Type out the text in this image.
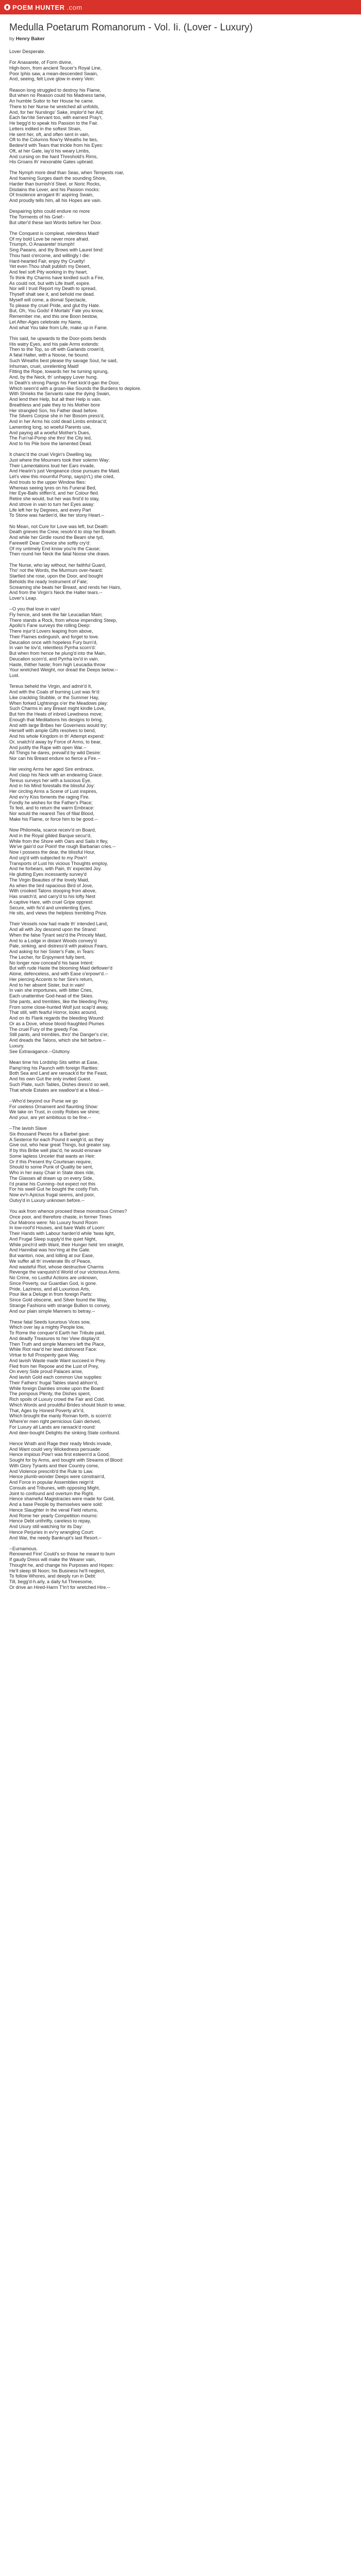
POEM HUNTER .com
Medulla Poetarum Romanorum - Vol. Ii. (Lover - Luxury)

by Henry Baker

Lover Desperate.
For Anaxarete, of Form divine,
High-born, from ancient Teucer's Royal Line,
Poor Iphis saw, a mean-descended Swain,
And, seeing, felt Love glow in every Vein:
Reason long struggled to destroy his Flame,
But when no Reason could his Madness tame,
An humble Suitor to her House he came.
There to her Nurse he wretched all unfolds,
And, for her Nurslings' Sake, implor'd her Aid;
Each fav'rite Servant too, with earnest Pray'r,
He begg'd to speak his Passion to the Fair.
Letters indited in the softest Strain,
He sent her, oft, and often sent in vain,
Oft to the Columns flow'ry Wreaths he ties,
Bedew'd with Tears that trickle from his Eyes:
Oft, at her Gate, lay'd his weary Limbs,
And cursing on the hard Threshold's Rims,
His Groans th' inexorable Gates upbraid.
The Nymph more deaf than Seas, when Tempests roar,
And foaming Surges dash the sounding Shore,
Harder than burnish'd Steel, or Noric Rocks,
Disdains the Lover, and his Passion mocks:
Of Insolence arrogant th' aspiring Swain,
And proudly tells him, all his Hopes are vain.
Despairing Iphis could endure no more
The Torments of his Grief:-
But utter'd these last Words before her Door.
The Conquest is compleat, relentless Maid!
Of my bold Love be never more afraid.
Triumph, O Anaxarete! triumph!
Sing Paeans, and thy Brows with Laurel bind:
Thou hast o'ercome, and willingly I die:
Hard-hearted Fair, enjoy thy Cruelty!
Yet even Thou shalt publish my Desert,
And feel soft Pity working in thy heart.
To think thy Charms have kindled such a Fire,
As could not, but with Life itself, expire.
Nor will I trust Report my Death to spread,
Thyself shalt see it, and behold me dead.
Myself will come, a dismal Spectacle,
To please thy cruel Pride, and glut thy Hate.
But, Oh, You Gods! if Mortals' Fate you know,
Remember me, and this one Boon bestow,
Let After-Ages celebrate my Name,
And what You take from Life, make up in Fame.
This said, he upwards to the Door-posts bends
His watry Eyes, and his pale Arms extends:
Then to the Top, so oft with Garlands crown'd,
A fatal Halter, with a Noose, he bound.
Such Wreaths best please thy savage Soul, he said,
Inhuman, cruel, unrelenting Maid!
Fitting the Rope, towards her he turning sprung,
And, by the Neck, th' unhappy Lover hung.
In Death's strong Pangs his Feet kick'd-gan the Door,
Which seem'd with a groan-like Sounds the Burdens to deplore.
With Shrieks the Servants raise the dying Swain,
And lend their Help, but all their Help is vain.
Breathless and pale they to his Mother bore
Her strangled Son, his Father dead before.
The Silvers Corpse she in her Bosom press'd,
And in her Arms his cold dead Limbs embrac'd;
Lamenting long, so woeful Parents use,
And paying all a woeful Mother's Dues,
The Fun'ral-Pomp she thro' the City led,
And to his Pile bore the lamented Dead.
It chanc'd the cruel Virgin's Dwelling lay,
Just where the Mourners took their solemn Way:
Their Lamentations loud her Ears invade,
And Hearin's just Vengeance close pursues the Maid.
Let's view this mournful Pomp, says(n't,) she cried,
And trouts to the upper Window flies:
Whereas seeing lyres on his Funeral Bed,
Her Eye-Balls stiffen'd, and her Colour fled.
Retire she would, but her was first'd to stay,
And strove in vain to turn her Eyes away:
Life left her by Degrees, and every Part
To Stone was harden'd, like her stony Heart.--
No Mean, not Cure for Love was left, but Death:
Death grieves the Crew, resolv'd to stop her Breath.
And while her Girdle round the Beam she tyd,
Farewell! Dear Crevice she softly cry'd:
Of my untimely End know you're the Cause;
Then round her Neck the fatal Noose she draws.
The Nurse, who lay without, her faithful Guard,
Tho' not the Words, the Murmurs over-heard:
Startled she rose, upon the Door, and bought
Beholds the ready Instrument of Fate;
Screaming she beats her Breast, and rends her Hairs,
And from the Virgin's Neck the Halter tears.--
Lover's Leap.
--O you that love in vain!
Fly hence, and seek the fair Leucadian Main;
There stands a Rock, from whose impending Steep,
Apollo's Fane surveys the rolling Deep:
There injur'd Lovers leaping from above,
Their Flames extinguish, and forget to love.
Deucalion once with hopeless Fury burn'd,
In vain he lov'd, relentless Pyrrha scorn'd:
But when from hence he plung'd into the Main,
Deucalion scorn'd, and Pyrrha lov'd in vain.
Haste, thither haste; from high Leucadia throw
Your wretched Weight, nor dread the Deeps below.--
Lust.
Tereus beheld the Virgin, and admir'd It,
And with the Coals of burning Lust was fir'd:
Like crackling Stubble, or the Summer Hay,
When forked Lightnings o'er the Meadows play:
Such Charms in any Breast might kindle Love,
But him the Heats of inbred Lewdness move;
Enough that Meditations his designs to bring,
And with large Bribes her Governess would try;
Herself with ample Gifts resolves to bend,
And his whole Kingdom in th' Attempt expend:
Or, snatch'd away by Force of Arms, to bear,
And justify the Rape with open War.--
All Things he dares, prevail'd by wild Desire:
Nor can his Breast endure so fierce a Fire.--
Her vexing Arms her aged Sire embrace,
And clasp his Neck with an endearing Grace.
Tereus surveys her with a luscious Eye,
And in his Mind forestalls the blissful Joy:
Her circling Arms a Scene of Lust inspires,
And ev'ry Kiss foments the raging Fire.
Fondly he wishes for the Father's Place;
To feel, and to return the warm Embrace:
Nor would the nearest Ties of filial Blood,
Make his Flame, or force him to be good.--
Now Philomela, scarce receiv'd on Board,
And in the Royal gilded Barque secur'd,
While from the Shore with Oars and Sails it fley,
We've gain'd our Point! the rough Barbarian cries.--
Now I possess the dear, the blissful Hour,
And urg'd with subjected to my Pow'r!
Transports of Lust his vicious Thoughts employ,
And he forbears, with Pain, th' expected Joy.
He glutting Eyes incessantly survey'd
The Virgin Beauties of the lovely Maid,
As when the bird rapacious Bird of Jove,
With crooked Talons stooping from above,
Has snatch'd, and carry'd to his lofty Nest
A captive Hare, with cruel Gripe opprest:
Secure, with fix'd and unrelenting Eyes,
He sits, and views the helpless trembling Prize.
Their Vessels now had made th' intended Land,
And all with Joy descend upon the Strand:
When the false Tyrant seiz'd the Princely Maid,
And to a Lodge in distant Woods convey'd
Pale, sinking, and distress'd with jealous Fears,
And asking for her Sister's Fate, in Tears:
The Lecher, for Enjoyment fully bent,
No longer now conceal'd his base Intent:
But with rude Haste the blooming Maid deflower'd
Alone, defenceless, and with Ease o'erpowr'd.--
Her piercing Accents to her Sire's return,
And to her absent Sister, but in vain!
In vain she importunes, with bitter Cries,
Each unattentive God-head of the Skies.
She pants, and trembles, like the bleeding Prey,
From some close-hunted Wolf just scap'd away,
That still, with fearful Horror, looks around,
And on its Flank regards the bleeding Wound:
Or as a Dove, whose blood-fraughted Plumes
The cruel Fury of the greedy Foe.
Still pants, and trembles, thro' the Danger's o'er,
And dreads the Talons, which she felt before.--
Luxury.
See Extravagance.--Gluttony.
Mean time his Lordship Sits within at Ease,
Pamp'ring his Paunch with foreign Rarities:
Both Sea and Land are ransack'd for the Feast,
And his own Gut the only invited Guest.
Such Plate, such Tables, Dishes dress'd so well,
That whole Estates are swallow'd at a Meal.--
--Who'd beyond our Purse we go
For useless Ornament and flaunting Show:
We take on Trust, in costly Robes we shine;
And your, are yet ambitious to be fine.--
--The lavish Slave
Six thousand Pieces for a Barbel gave:
A Sesterce for each Pound it weigh'd, as they
Give out, who hear great Things, but greater say.
If by this Bribe well plac'd, he would ensnare
Some lapless Unceler that wants an Heir:
Or if this Present thy Courtesan require,
Should to some Punk of Quality be sent,
Who in her easy Chair in State does ride,
The Glasses all drawn up on every Side,
I'd praise his Cunning--but expect not this
For his swell Gut he bought the costly Fish.
Now ev'n Apicius frugal seems, and poor,
Outvy'd in Luxury unknown before.--
You ask from whence proceed these monstrous Crimes?
Once poor, and therefore chaste, in former Times
Our Matrons were: No Luxury found Room
In low-roof'd Houses, and bare Walls of Loom:
Their Hands with Labour harden'd while 'twas light,
And Frugal Sleep supply'd the quiet Night,
While pinch'd with Want, their Hunger held 'em straight,
And Hannibal was hov'ring at the Gate.
But wanton, now, and lolling at our Ease,
We suffer all th' inveterate Ills of Peace,
And wasteful Riot, whose destructive Charms
Revenge the vanquish'd World of our victorious Arms.
No Crime, no Lustful Actions are unknown,
Since Poverty, our Guardian God, is gone.
Pride, Laziness, and all Luxurious Arts,
Pour like a Deluge in from foreign Parts:
Since Gold obscene, and Silver found the Way,
Strange Fashions with strange Bullion to convey,
And our plain simple Manners to betray.--
These fatal Seeds luxurious Vices sow,
Which over lay a mighty People low,
To Rome the conquer'd Earth her Tribute paid,
And deadly Treasures to her View display'd:
Then Truth and simple Manners left the Place,
While Riot rear'd her lewd dishonest Face:
Virtue to full Prosperity gave Way,
And lavish Waste made Want succeed in Prey.
Fled from her Repose and the Lust of Prey,
On every Side proud Palaces arise,
And lavish Gold each common Use supplies:
Their Fathers' frugal Tables stand abhorr'd,
While foreign Dainties smoke upon the Board:
The pompous Plenty, the Dishes spent,
Rich spoils of Luxury crowd the Fair and Cold.
Which Words and prouldful Brides should blush to wear,
That, Ages by Honest Poverty al'ir'd,
Which brought the manly Roman forth, is scorn'd:
Where'er men right pernicious Gain derived,
For Luxury all Lands are ransack'd round:
And deer-bought Delights the sinking State confound.
Hence Wrath and Rage their ready Minds invade,
And Want could very Wickedness persuade:
Hence impious Pow'r was first esteem'd a Good,
Sought for by Arms, and bought with Streams of Blood:
With Glory Tyrants and their Country come,
And Violence prescrib'd the Rule to Law.
Hence plumb-wonder Deeps were constrain'd,
And Force in popular Assemblies reign'd:
Consuls and Tribunes, with opposing Might,
Joint to confound and overturn the Right.
Hence shameful Magistracies were made for Gold,
And a base People by themselves were sold:
Hence Slaughter in the venal Field returns,
And Rome her yearly Competition mourns:
Hence Debt unthrifty, careless to repay,
And Usury still watching for its Day:
Hence Perjuries in ev'ry wrangling Court:
And War, the needy Bankrupt's last Resort.--
--Eurnamous.
Renowned Fire! Could's so those he meant to burn
If gaudy Dress will make the Wearer vain,
Thought he, and change his Purposes and Hopes:
He'll sleep till Noon; his Business he'll neglect,
To follow Whores, and deeply run in Debt:
Till, begg'd-h.arly, a daily ful Threesome,
Or drive an Hired-Harm T'ln't for wretched Hire.--
